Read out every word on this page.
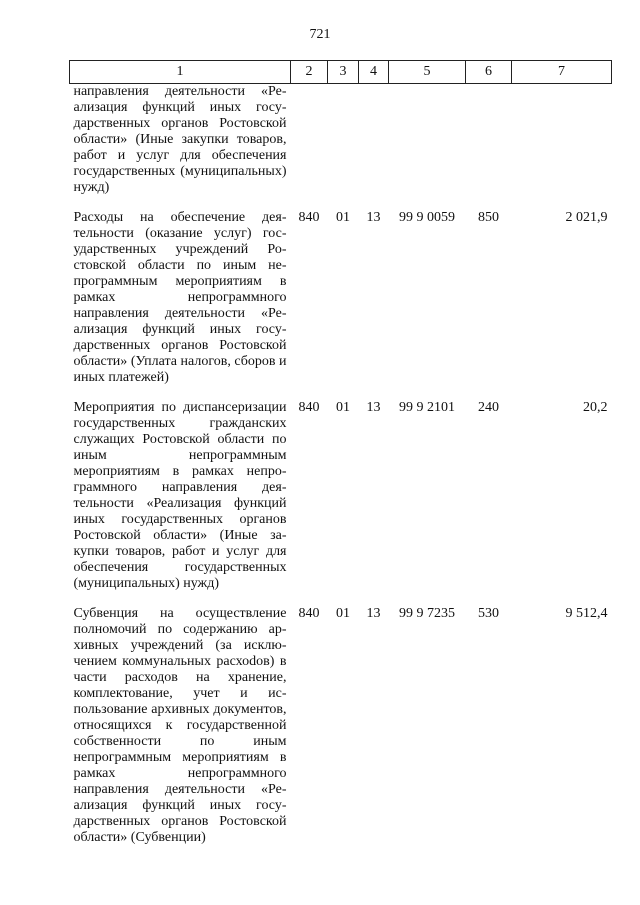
721
1	2	3	4	5	6	7
направления деятельности «Реализация функций иных государственных органов Ростовской области» (Иные закупки товаров, работ и услуг для обеспечения государственных (муниципальных) нужд)						
Расходы на обеспечение деятельности (оказание услуг) государственных учреждений Ростовской области по иным непрограммным мероприятиям в рамках непрограммного направления деятельности «Реализация функций иных государственных органов Ростовской области» (Уплата налогов, сборов и иных платежей)	840	01	13	99 9 0059	850	2 021,9
Мероприятия по диспансеризации государственных гражданских служащих Ростовской области по иным непрограммным мероприятиям в рамках непрограммного направления деятельности «Реализация функций иных государственных органов Ростовской области» (Иные закупки товаров, работ и услуг для обеспечения государственных (муниципальных) нужд)	840	01	13	99 9 2101	240	20,2
Субвенция на осуществление полномочий по содержанию архивных учреждений (за исключением коммунальных расхоdов) в части расходов на хранение, комплектование, учет и использование архивных документов, относящихся к государственной собственности по иным непрограммным мероприятиям в рамках непрограммного направления деятельности «Реализация функций иных государственных органов Ростовской области» (Субвенции)	840	01	13	99 9 7235	530	9 512,4
